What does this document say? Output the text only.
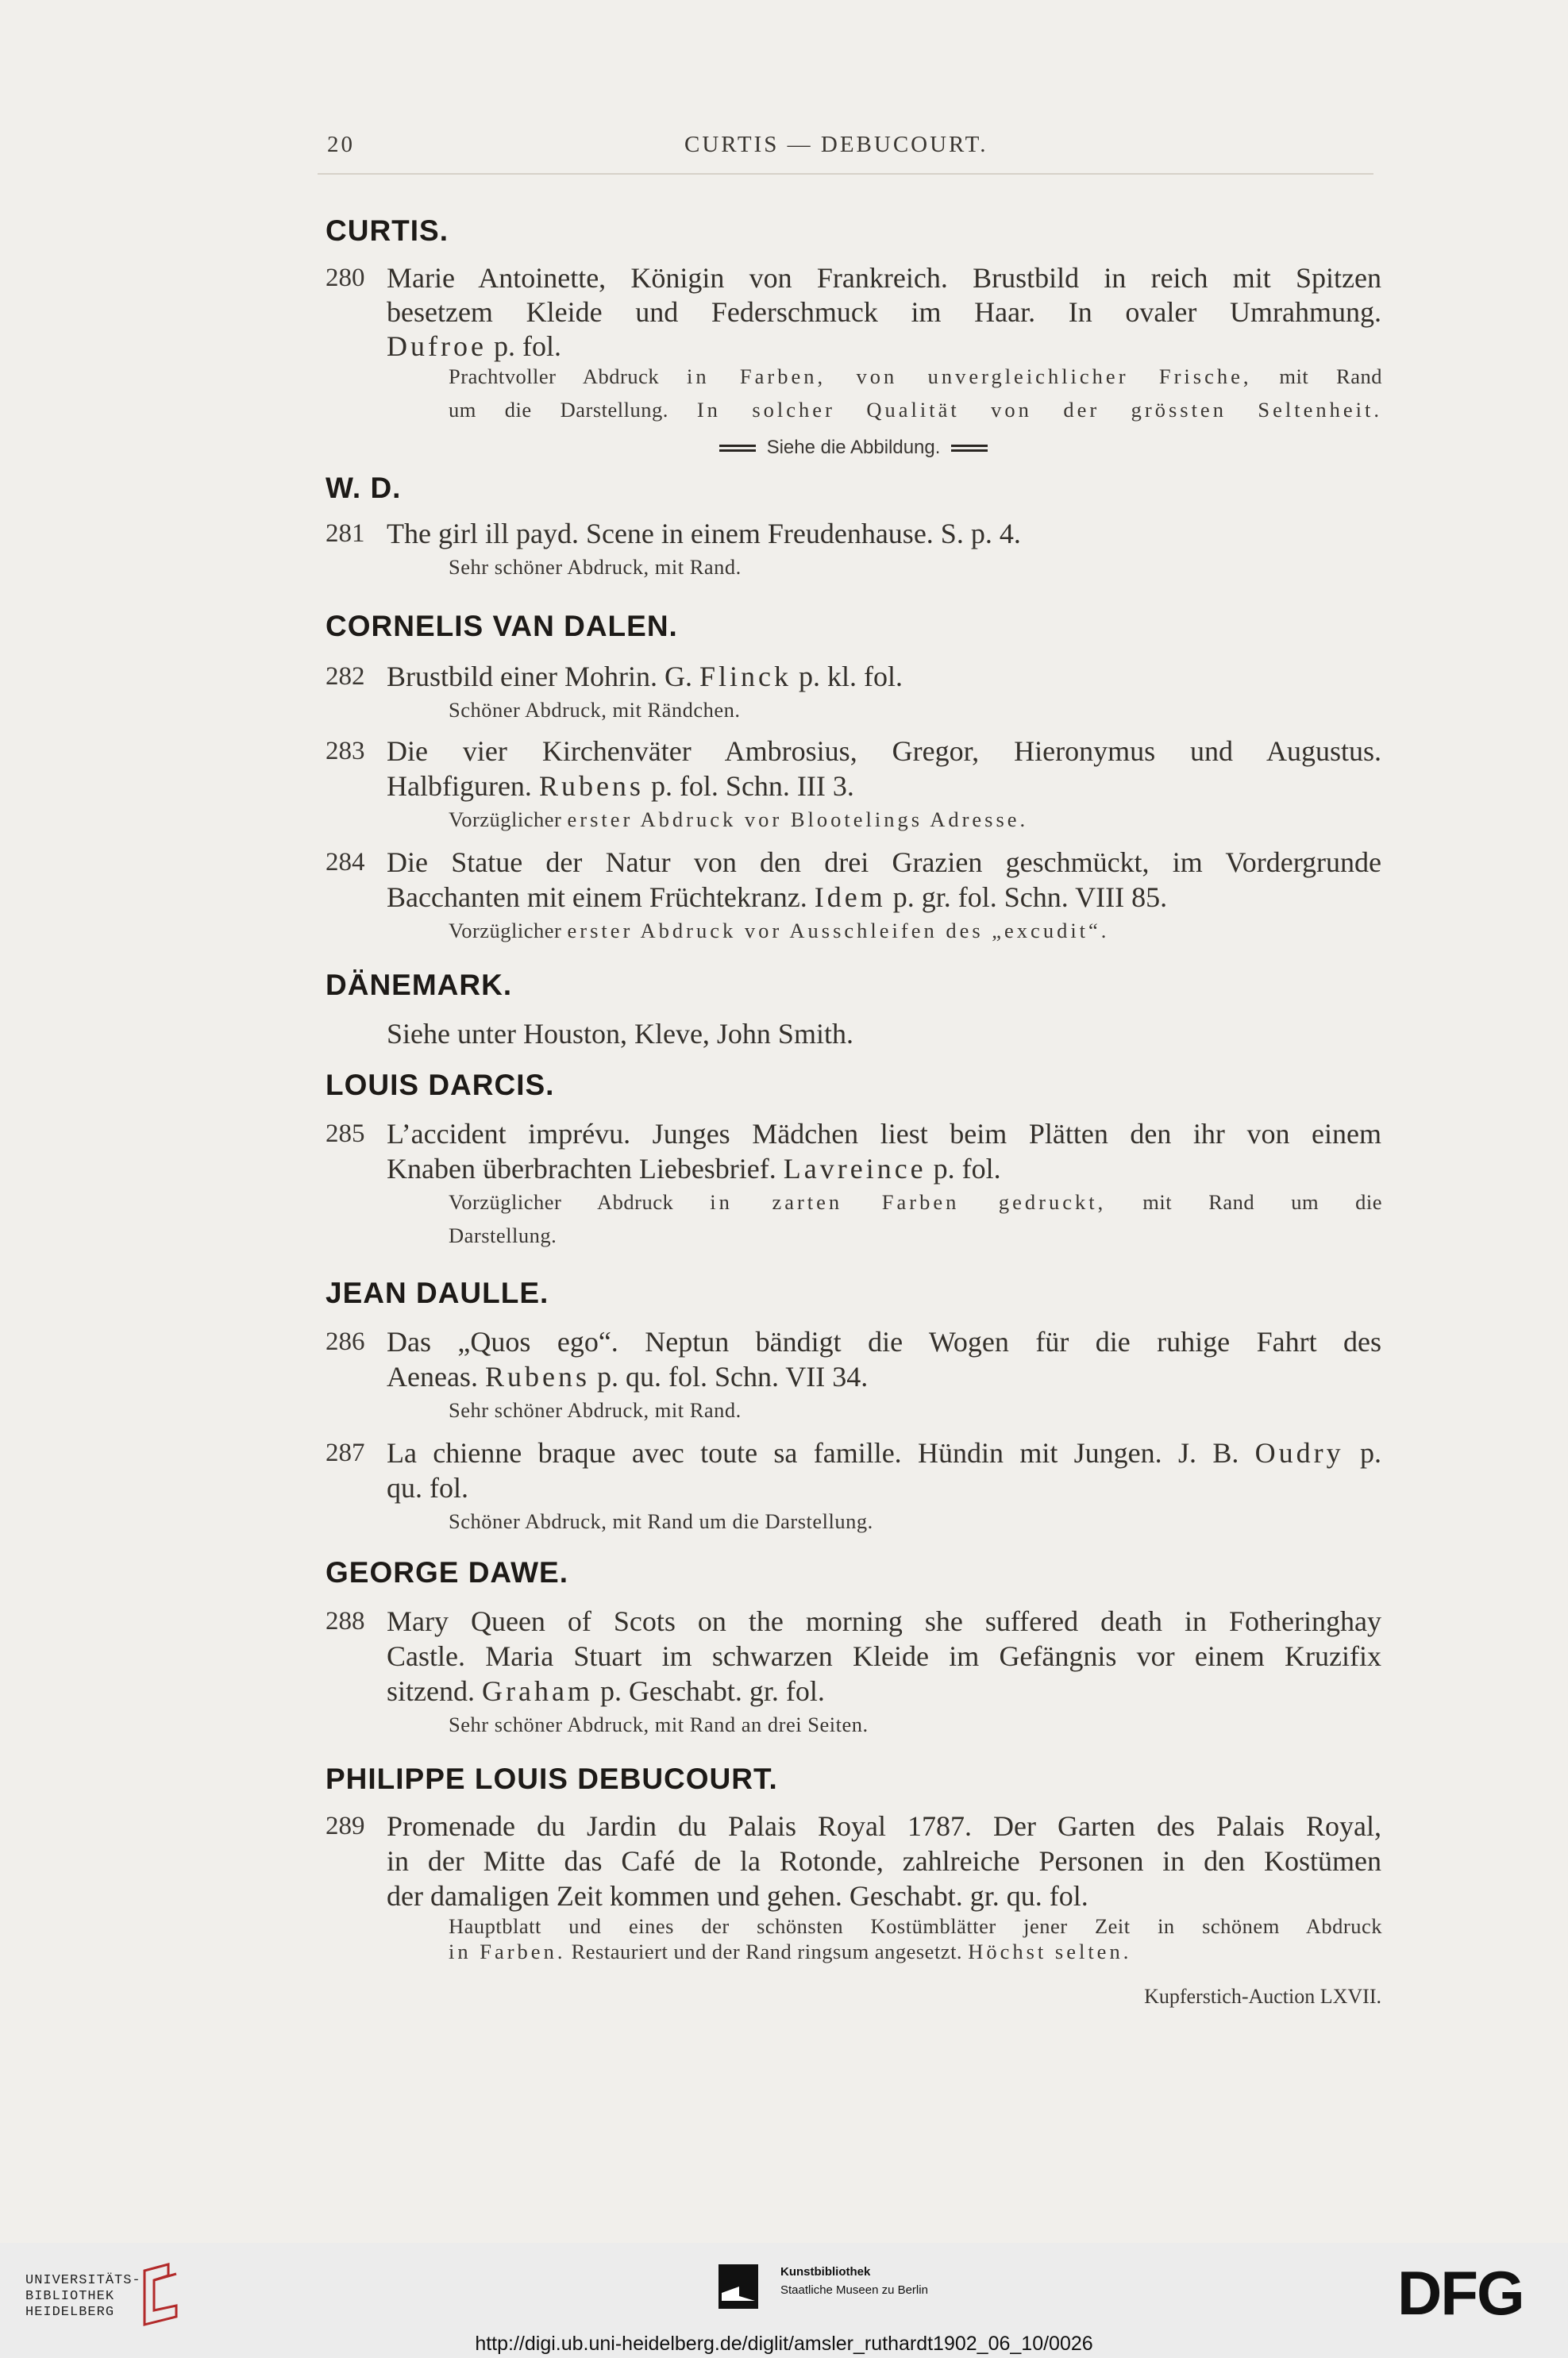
20	CURTIS — DEBUCOURT.
CURTIS.
280 Marie Antoinette, Königin von Frankreich. Brustbild in reich mit Spitzen
besetzem Kleide und Federschmuck im Haar. In ovaler Umrahmung.
Dufroe p. fol.
Prachtvoller Abdruck in Farben, von unvergleichlicher Frische, mit Rand
um die Darstellung. In solcher Qualität von der grössten Seltenheit.
Siehe die Abbildung.
W. D.
281 The girl ill payd. Scene in einem Freudenhause. S. p. 4.
Sehr schöner Abdruck, mit Rand.
CORNELIS VAN DALEN.
282 Brustbild einer Mohrin. G. Flinck p. kl. fol.
Schöner Abdruck, mit Rändchen.
283 Die vier Kirchenväter Ambrosius, Gregor, Hieronymus und Augustus.
Halbfiguren. Rubens p. fol. Schn. III 3.
Vorzüglicher erster Abdruck vor Blootelings Adresse.
284 Die Statue der Natur von den drei Grazien geschmückt, im Vordergrunde
Bacchanten mit einem Früchtekranz. Idem p. gr. fol. Schn. VIII 85.
Vorzüglicher erster Abdruck vor Ausschleifen des „excudit“.
DÄNEMARK.
Siehe unter Houston, Kleve, John Smith.
LOUIS DARCIS.
285 L’accident imprévu. Junges Mädchen liest beim Plätten den ihr von einem
Knaben überbrachten Liebesbrief. Lavreince p. fol.
Vorzüglicher Abdruck in zarten Farben gedruckt, mit Rand um die
Darstellung.
JEAN DAULLE.
286 Das „Quos ego“. Neptun bändigt die Wogen für die ruhige Fahrt des
Aeneas. Rubens p. qu. fol. Schn. VII 34.
Sehr schöner Abdruck, mit Rand.
287 La chienne braque avec toute sa famille. Hündin mit Jungen. J. B. Oudry p.
qu. fol.
Schöner Abdruck, mit Rand um die Darstellung.
GEORGE DAWE.
288 Mary Queen of Scots on the morning she suffered death in Fotheringhay
Castle. Maria Stuart im schwarzen Kleide im Gefängnis vor einem Kruzifix
sitzend. Graham p. Geschabt. gr. fol.
Sehr schöner Abdruck, mit Rand an drei Seiten.
PHILIPPE LOUIS DEBUCOURT.
289 Promenade du Jardin du Palais Royal 1787. Der Garten des Palais Royal,
in der Mitte das Café de la Rotonde, zahlreiche Personen in den Kostümen
der damaligen Zeit kommen und gehen. Geschabt. gr. qu. fol.
Hauptblatt und eines der schönsten Kostümblätter jener Zeit in schönem Abdruck
in Farben. Restauriert und der Rand ringsum angesetzt. Höchst selten.
Kupferstich-Auction LXVII.
UNIVERSITÄTS-
BIBLIOTHEK
HEIDELBERG
Kunstbibliothek
Staatliche Museen zu Berlin	DFG
http://digi.ub.uni-heidelberg.de/diglit/amsler_ruthardt1902_06_10/0026
